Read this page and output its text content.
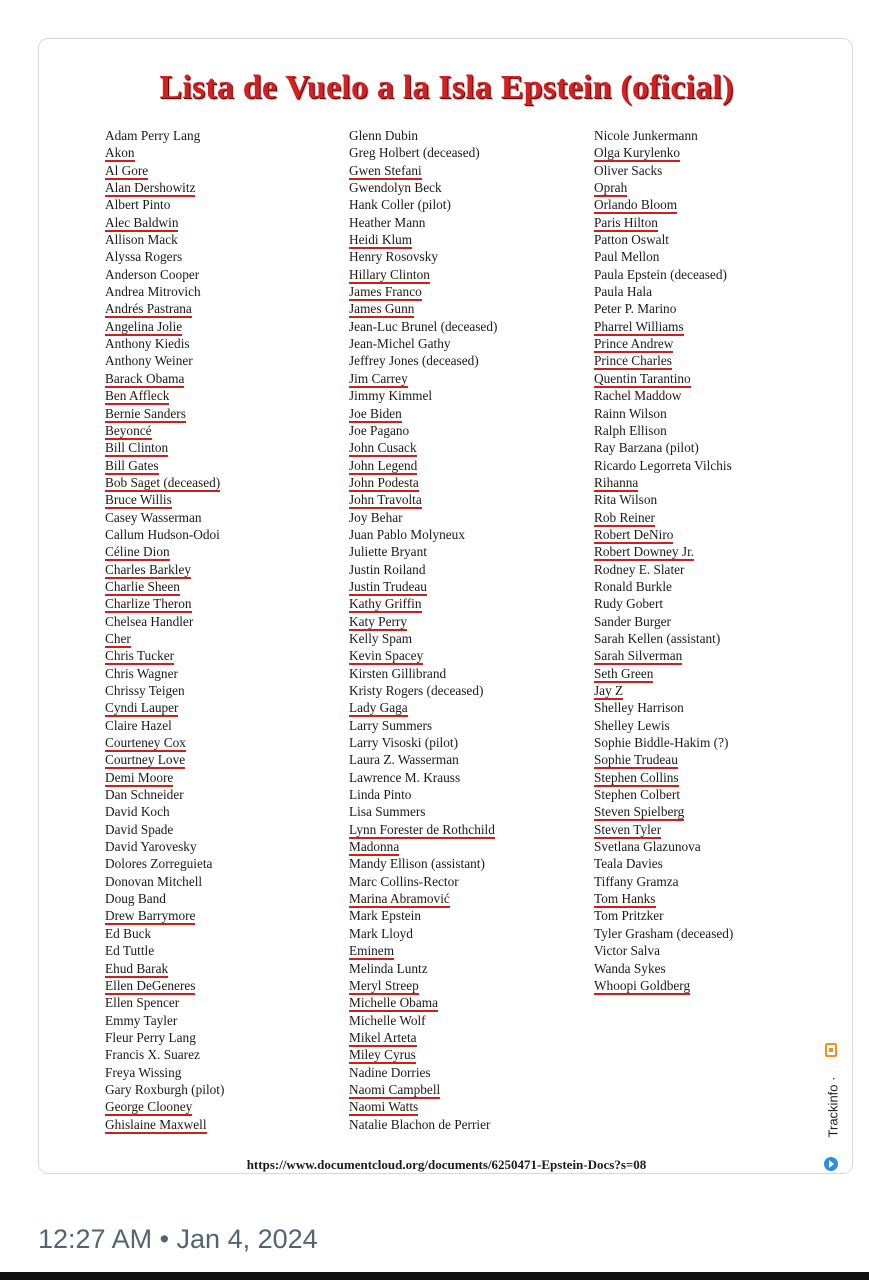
Lista de Vuelo a la Isla Epstein (oficial)
Adam Perry Lang
Akon
Al Gore
Alan Dershowitz
Albert Pinto
Alec Baldwin
Allison Mack
Alyssa Rogers
Anderson Cooper
Andrea Mitrovich
Andrés Pastrana
Angelina Jolie
Anthony Kiedis
Anthony Weiner
Barack Obama
Ben Affleck
Bernie Sanders
Beyoncé
Bill Clinton
Bill Gates
Bob Saget (deceased)
Bruce Willis
Casey Wasserman
Callum Hudson-Odoi
Céline Dion
Charles Barkley
Charlie Sheen
Charlize Theron
Chelsea Handler
Cher
Chris Tucker
Chris Wagner
Chrissy Teigen
Cyndi Lauper
Claire Hazel
Courteney Cox
Courtney Love
Demi Moore
Dan Schneider
David Koch
David Spade
David Yarovesky
Dolores Zorreguieta
Donovan Mitchell
Doug Band
Drew Barrymore
Ed Buck
Ed Tuttle
Ehud Barak
Ellen DeGeneres
Ellen Spencer
Emmy Tayler
Fleur Perry Lang
Francis X. Suarez
Freya Wissing
Gary Roxburgh (pilot)
George Clooney
Ghislaine Maxwell
Glenn Dubin
Greg Holbert (deceased)
Gwen Stefani
Gwendolyn Beck
Hank Coller (pilot)
Heather Mann
Heidi Klum
Henry Rosovsky
Hillary Clinton
James Franco
James Gunn
Jean-Luc Brunel (deceased)
Jean-Michel Gathy
Jeffrey Jones (deceased)
Jim Carrey
Jimmy Kimmel
Joe Biden
Joe Pagano
John Cusack
John Legend
John Podesta
John Travolta
Joy Behar
Juan Pablo Molyneux
Juliette Bryant
Justin Roiland
Justin Trudeau
Kathy Griffin
Katy Perry
Kelly Spam
Kevin Spacey
Kirsten Gillibrand
Kristy Rogers (deceased)
Lady Gaga
Larry Summers
Larry Visoski (pilot)
Laura Z. Wasserman
Lawrence M. Krauss
Linda Pinto
Lisa Summers
Lynn Forester de Rothchild
Madonna
Mandy Ellison (assistant)
Marc Collins-Rector
Marina Abramović
Mark Epstein
Mark Lloyd
Eminem
Melinda Luntz
Meryl Streep
Michelle Obama
Michelle Wolf
Mikel Arteta
Miley Cyrus
Nadine Dorries
Naomi Campbell
Naomi Watts
Natalie Blachon de Perrier
Nicole Junkermann
Olga Kurylenko
Oliver Sacks
Oprah
Orlando Bloom
Paris Hilton
Patton Oswalt
Paul Mellon
Paula Epstein (deceased)
Paula Hala
Peter P. Marino
Pharrel Williams
Prince Andrew
Prince Charles
Quentin Tarantino
Rachel Maddow
Rainn Wilson
Ralph Ellison
Ray Barzana (pilot)
Ricardo Legorreta Vilchis
Rihanna
Rita Wilson
Rob Reiner
Robert DeNiro
Robert Downey Jr.
Rodney E. Slater
Ronald Burkle
Rudy Gobert
Sander Burger
Sarah Kellen (assistant)
Sarah Silverman
Seth Green
Jay Z
Shelley Harrison
Shelley Lewis
Sophie Biddle-Hakim (?)
Sophie Trudeau
Stephen Collins
Stephen Colbert
Steven Spielberg
Steven Tyler
Svetlana Glazunova
Teala Davies
Tiffany Gramza
Tom Hanks
Tom Pritzker
Tyler Grasham (deceased)
Victor Salva
Wanda Sykes
Whoopi Goldberg
https://www.documentcloud.org/documents/6250471-Epstein-Docs?s=08
Trackinfo ·
12:27 AM • Jan 4, 2024
